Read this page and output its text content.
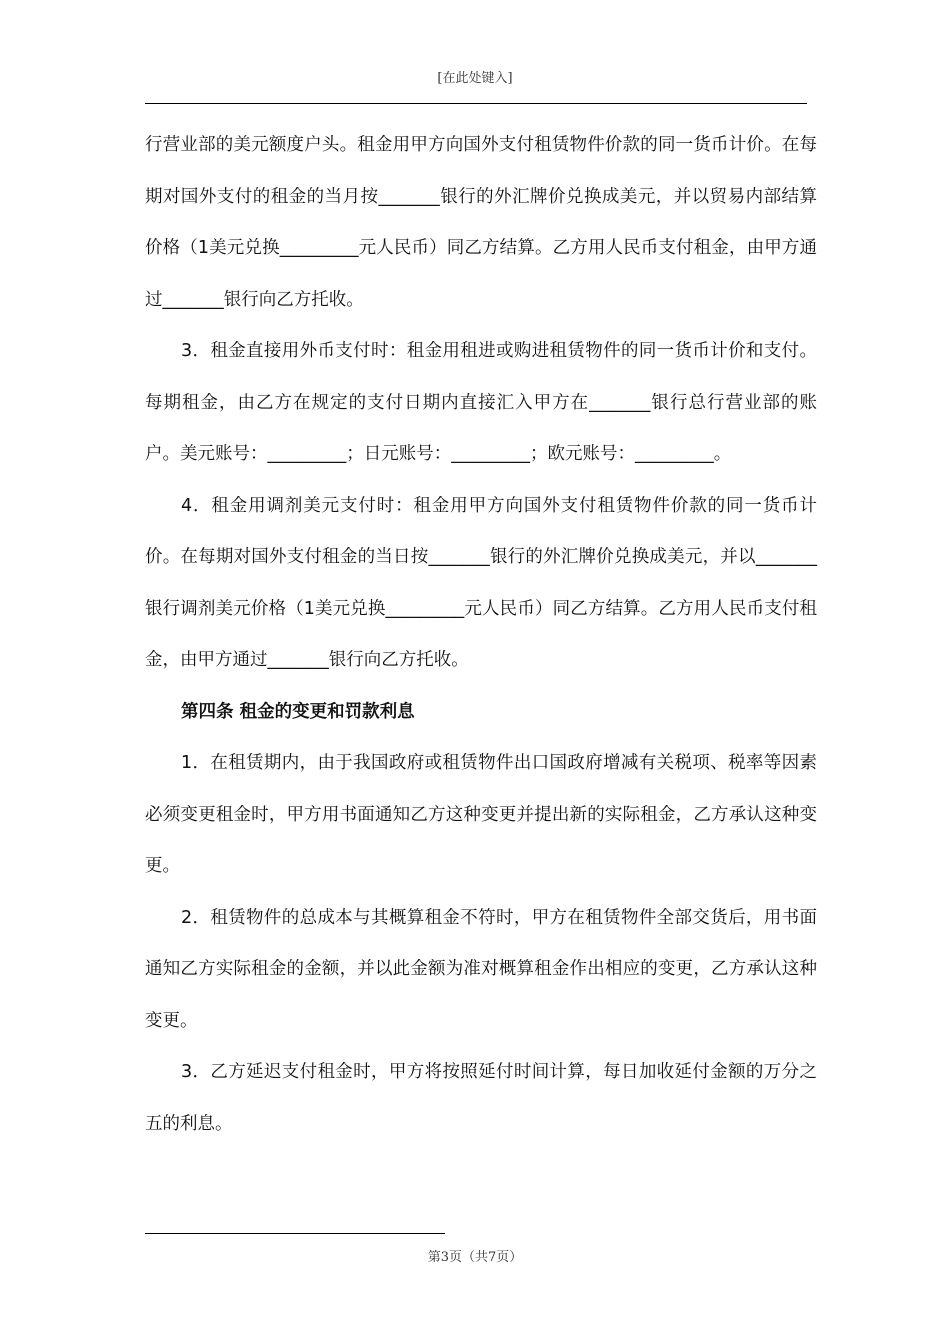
[在此处键入]

行营业部的美元额度户头。租金用甲方向国外支付租赁物件价款的同一货币计价。在每期对国外支付的租金的当月按_______银行的外汇牌价兑换成美元，并以贸易内部结算价格（1美元兑换_________元人民币）同乙方结算。乙方用人民币支付租金，由甲方通过_______银行向乙方托收。

3．租金直接用外币支付时：租金用租进或购进租赁物件的同一货币计价和支付。每期租金，由乙方在规定的支付日期内直接汇入甲方在_______银行总行营业部的账户。美元账号：_________；日元账号：_________；欧元账号：_________。

4．租金用调剂美元支付时：租金用甲方向国外支付租赁物件价款的同一货币计价。在每期对国外支付租金的当日按_______银行的外汇牌价兑换成美元，并以_______银行调剂美元价格（1美元兑换_________元人民币）同乙方结算。乙方用人民币支付租金，由甲方通过_______银行向乙方托收。

第四条 租金的变更和罚款利息

1．在租赁期内，由于我国政府或租赁物件出口国政府增减有关税项、税率等因素必须变更租金时，甲方用书面通知乙方这种变更并提出新的实际租金，乙方承认这种变更。

2．租赁物件的总成本与其概算租金不符时，甲方在租赁物件全部交货后，用书面通知乙方实际租金的金额，并以此金额为准对概算租金作出相应的变更，乙方承认这种变更。

3．乙方延迟支付租金时，甲方将按照延付时间计算，每日加收延付金额的万分之五的利息。

第3页（共7页）
